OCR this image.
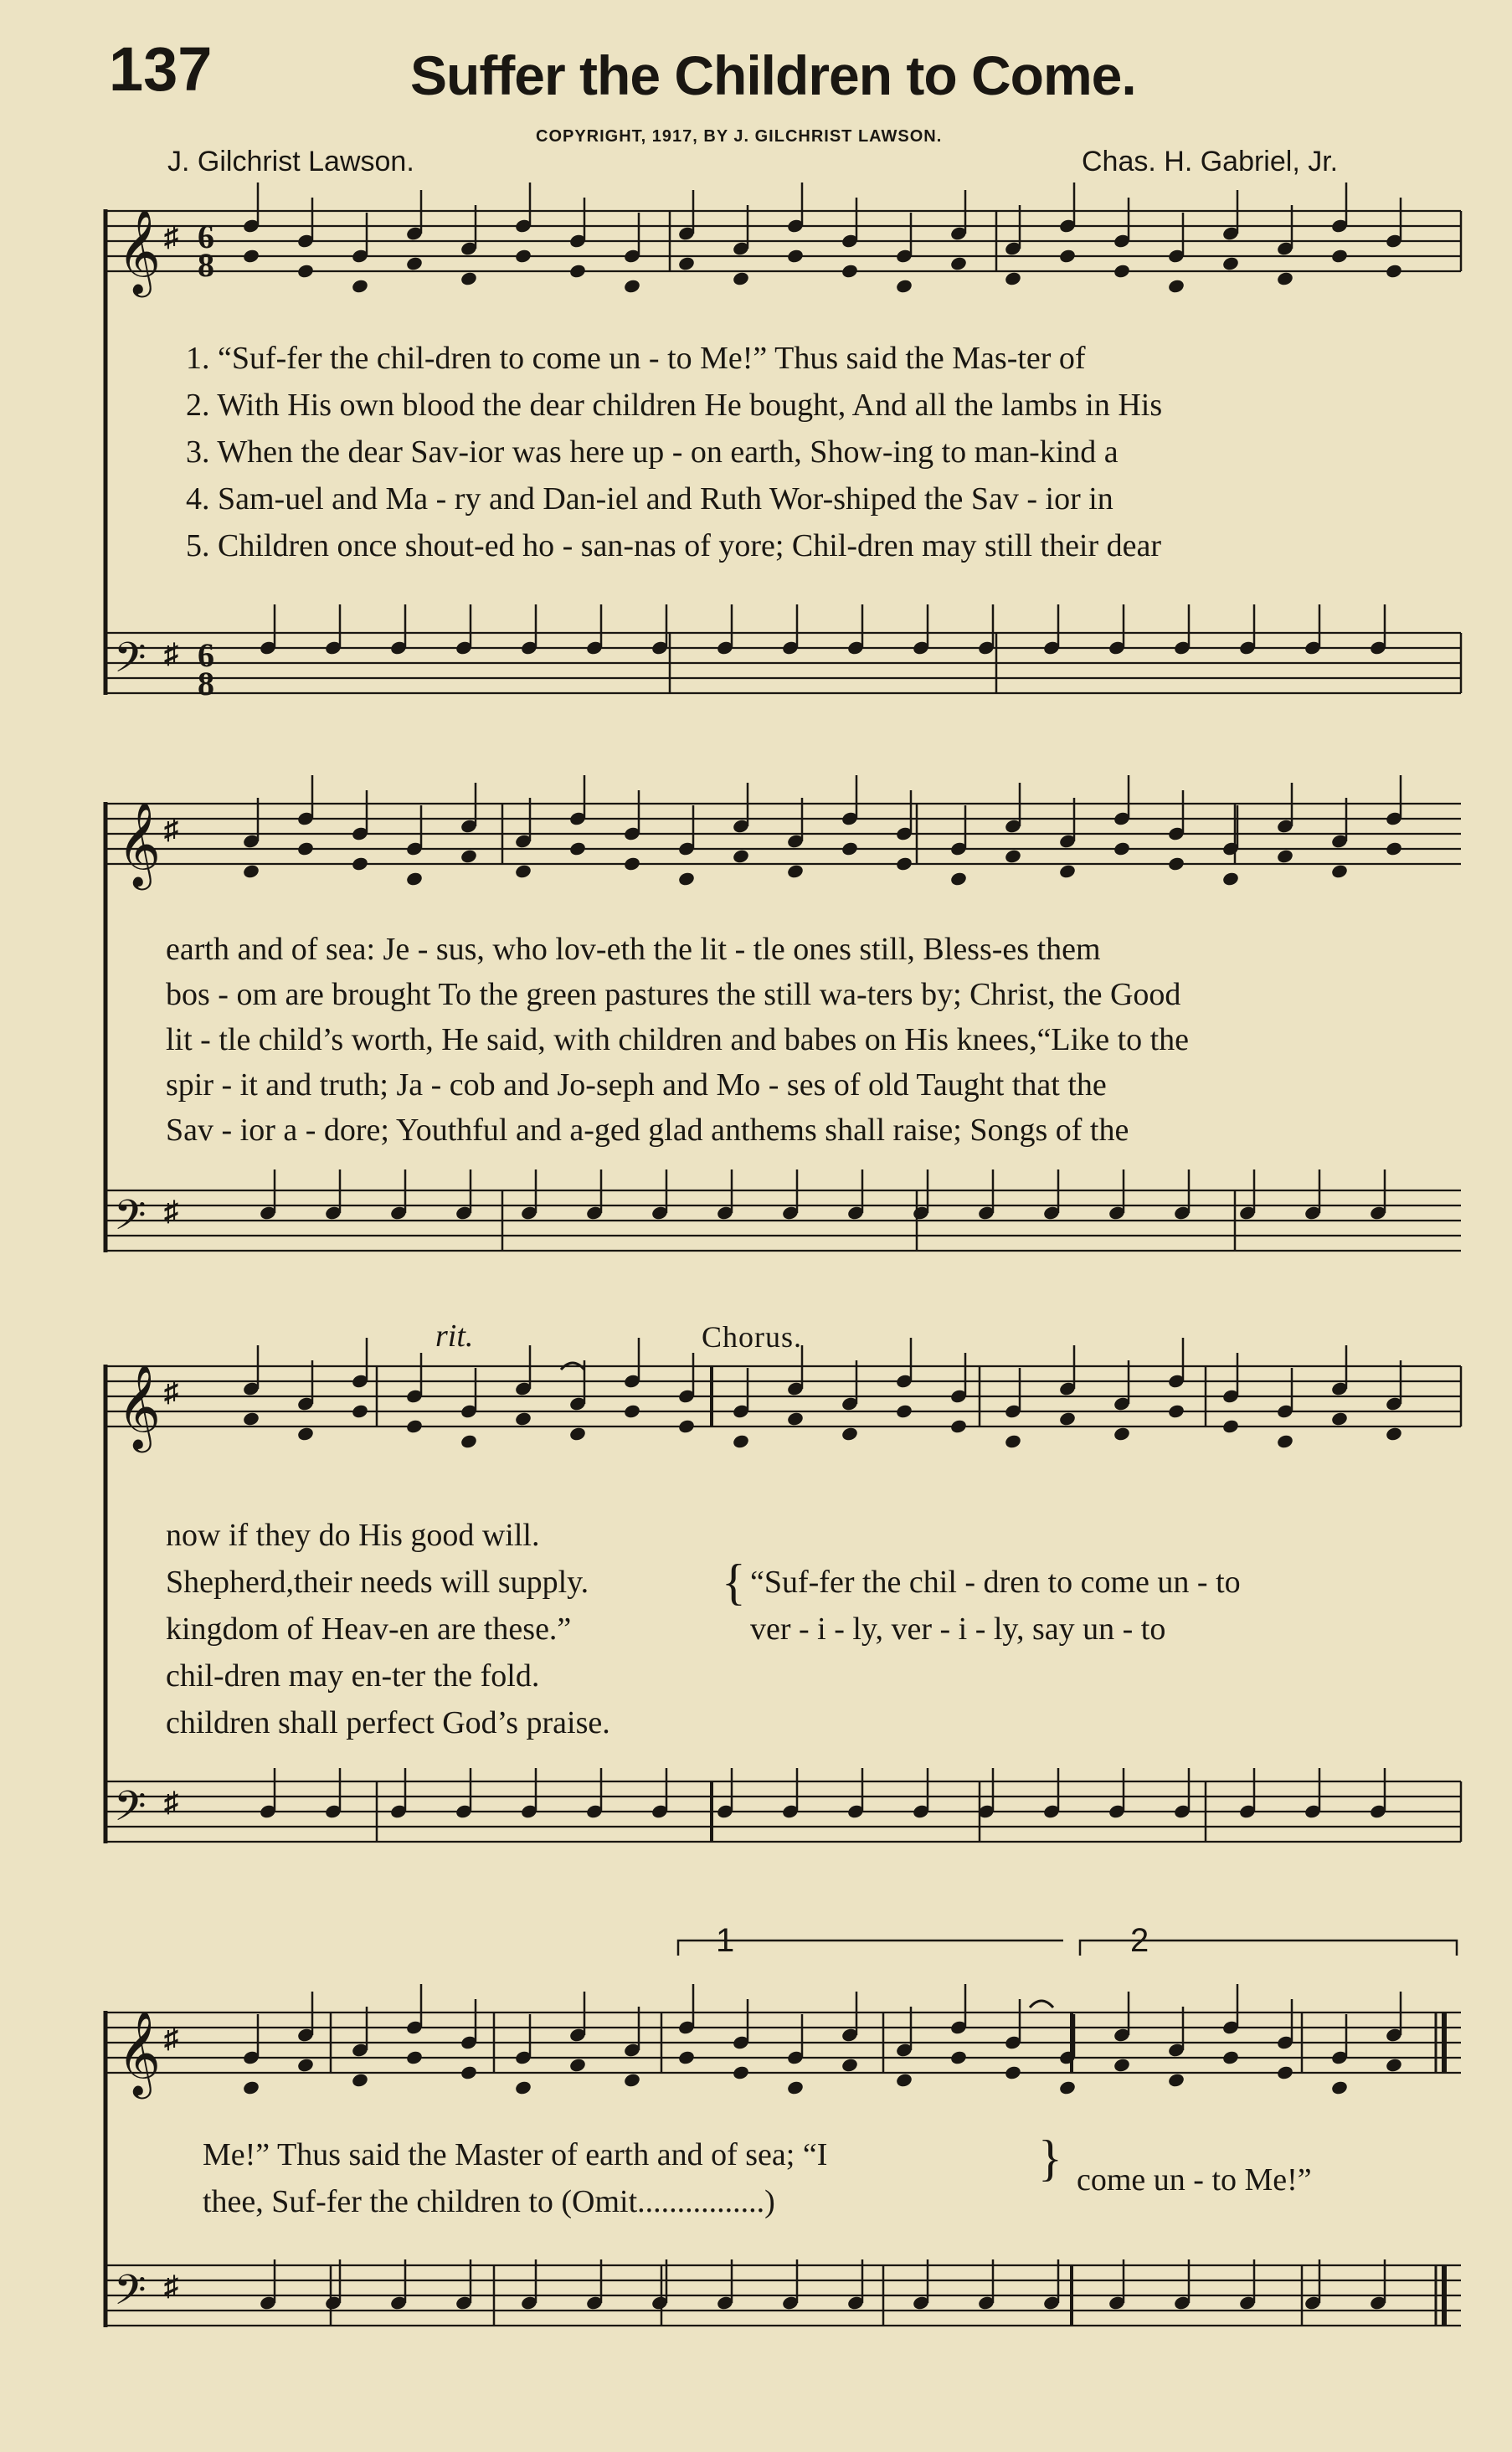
137	Suffer the Children to Come.
COPYRIGHT, 1917, BY J. GILCHRIST LAWSON.
J. Gilchrist Lawson.	Chas. H. Gabriel, Jr.
𝄞
𝄞
𝄞
𝄞
𝄢
𝄢
𝄢
𝄢
♯ 6
8
♯ 6
8
♯
♯
♯
♯
♯
♯
1	2
rit.	Chorus.
1. “Suf-fer the chil-dren to come un - to Me!” Thus said the Mas-ter of
2. With His own blood the dear children He bought, And all the lambs in His
3. When the dear Sav-ior was here up - on earth, Show-ing to man-kind a
4. Sam-uel and Ma - ry and Dan-iel and Ruth Wor-shiped the Sav - ior in
5. Children once shout-ed ho - san-nas of yore; Chil-dren may still their dear
earth and of sea: Je - sus, who lov-eth the lit - tle ones still, Bless-es them
bos - om are brought To the green pastures the still wa-ters by; Christ, the Good
lit - tle child’s worth, He said, with children and babes on His knees,“Like to the
spir - it and truth; Ja - cob and Jo-seph and Mo - ses of old Taught that the
Sav - ior a - dore; Youthful and a-ged glad anthems shall raise; Songs of the
now if they do His good will.
Shepherd,their needs will supply.
kingdom of Heav-en are these.”
chil-dren may en-ter the fold.
children shall perfect God’s praise.
{ “Suf-fer the chil - dren to come un - to
ver - i - ly, ver - i - ly, say un - to
Me!” Thus said the Master of earth and of sea; “I
thee, Suf-fer the children to (Omit................)
} come un - to Me!”
